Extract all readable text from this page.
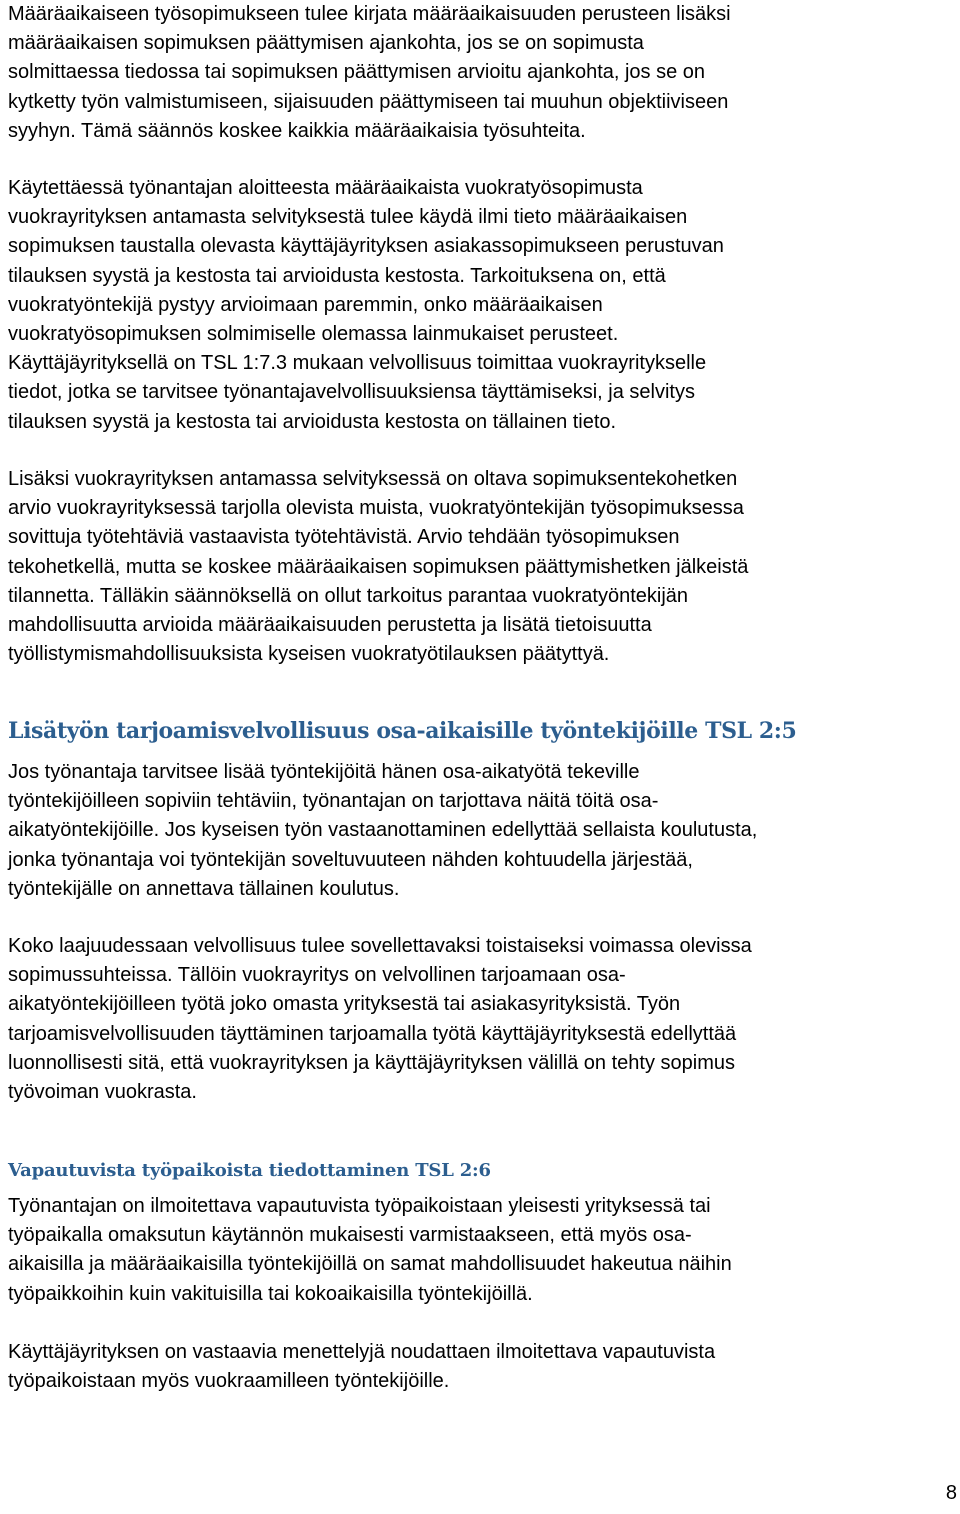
Määräaikaiseen työsopimukseen tulee kirjata määräaikaisuuden perusteen lisäksi
määräaikaisen sopimuksen päättymisen ajankohta, jos se on sopimusta
solmittaessa tiedossa tai sopimuksen päättymisen arvioitu ajankohta, jos se on
kytketty työn valmistumiseen, sijaisuuden päättymiseen tai muuhun objektiiviseen
syyhyn. Tämä säännös koskee kaikkia määräaikaisia työsuhteita.

Käytettäessä työnantajan aloitteesta määräaikaista vuokratyösopimusta
vuokrayrityksen antamasta selvityksestä tulee käydä ilmi tieto määräaikaisen
sopimuksen taustalla olevasta käyttäjäyrityksen asiakassopimukseen perustuvan
tilauksen syystä ja kestosta tai arvioidusta kestosta. Tarkoituksena on, että
vuokratyöntekijä pystyy arvioimaan paremmin, onko määräaikaisen
vuokratyösopimuksen solmimiselle olemassa lainmukaiset perusteet.
Käyttäjäyrityksellä on TSL 1:7.3 mukaan velvollisuus toimittaa vuokrayritykselle
tiedot, jotka se tarvitsee työnantajavelvollisuuksiensa täyttämiseksi, ja selvitys
tilauksen syystä ja kestosta tai arvioidusta kestosta on tällainen tieto.

Lisäksi vuokrayrityksen antamassa selvityksessä on oltava sopimuksentekohetken
arvio vuokrayrityksessä tarjolla olevista muista, vuokratyöntekijän työsopimuksessa
sovittuja työtehtäviä vastaavista työtehtävistä. Arvio tehdään työsopimuksen
tekohetkellä, mutta se koskee määräaikaisen sopimuksen päättymishetken jälkeistä
tilannetta. Tälläkin säännöksellä on ollut tarkoitus parantaa vuokratyöntekijän
mahdollisuutta arvioida määräaikaisuuden perustetta ja lisätä tietoisuutta
työllistymismahdollisuuksista kyseisen vuokratyötilauksen päätyttyä.

Lisätyön tarjoamisvelvollisuus osa-aikaisille työntekijöille TSL 2:5

Jos työnantaja tarvitsee lisää työntekijöitä hänen osa-aikatyötä tekeville
työntekijöilleen sopiviin tehtäviin, työnantajan on tarjottava näitä töitä osa-
aikatyöntekijöille. Jos kyseisen työn vastaanottaminen edellyttää sellaista koulutusta,
jonka työnantaja voi työntekijän soveltuvuuteen nähden kohtuudella järjestää,
työntekijälle on annettava tällainen koulutus.

Koko laajuudessaan velvollisuus tulee sovellettavaksi toistaiseksi voimassa olevissa
sopimussuhteissa. Tällöin vuokrayritys on velvollinen tarjoamaan osa-
aikatyöntekijöilleen työtä joko omasta yrityksestä tai asiakasyrityksistä. Työn
tarjoamisvelvollisuuden täyttäminen tarjoamalla työtä käyttäjäyrityksestä edellyttää
luonnollisesti sitä, että vuokrayrityksen ja käyttäjäyrityksen välillä on tehty sopimus
työvoiman vuokrasta.

Vapautuvista työpaikoista tiedottaminen TSL 2:6

Työnantajan on ilmoitettava vapautuvista työpaikoistaan yleisesti yrityksessä tai
työpaikalla omaksutun käytännön mukaisesti varmistaakseen, että myös osa-
aikaisilla ja määräaikaisilla työntekijöillä on samat mahdollisuudet hakeutua näihin
työpaikkoihin kuin vakituisilla tai kokoaikaisilla työntekijöillä.

Käyttäjäyrityksen on vastaavia menettelyjä noudattaen ilmoitettava vapautuvista
työpaikoistaan myös vuokraamilleen työntekijöille.

8
